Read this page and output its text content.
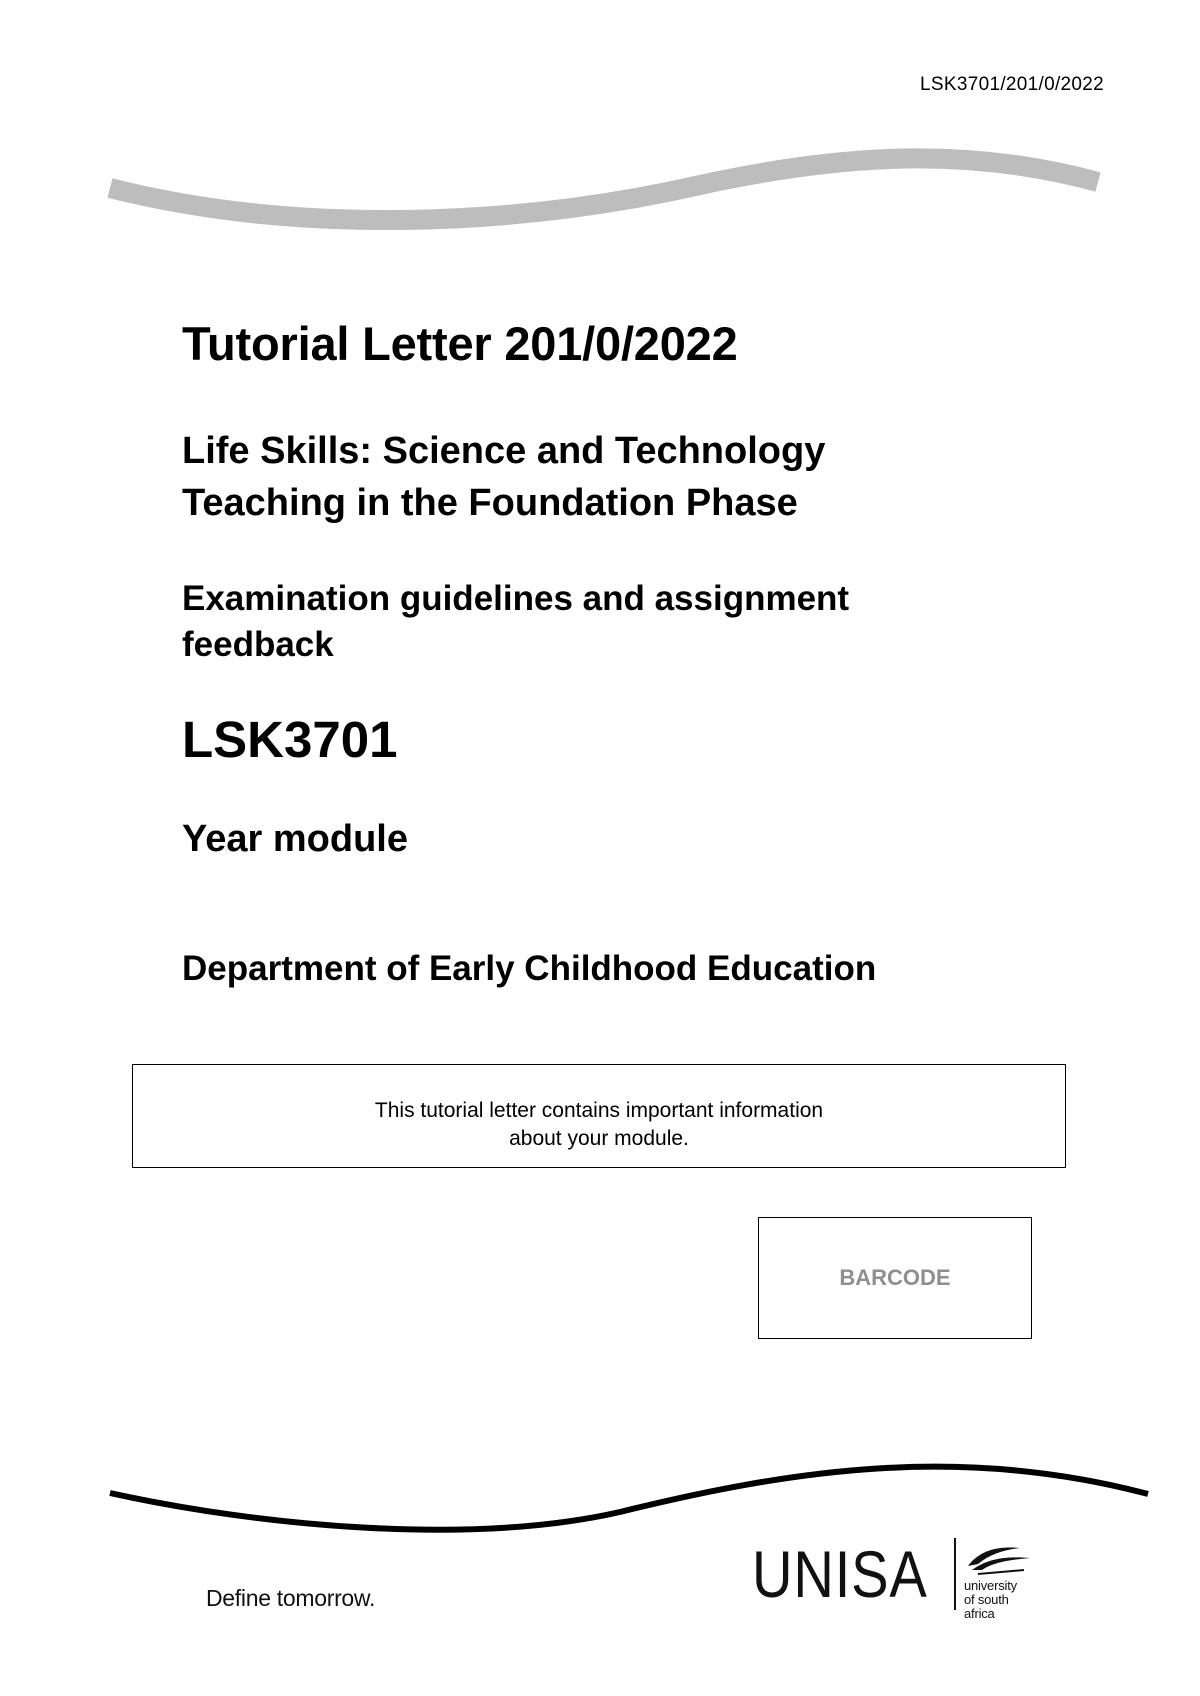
LSK3701/201/0/2022
Tutorial Letter 201/0/2022
Life Skills: Science and Technology
Teaching in the Foundation Phase
Examination guidelines and assignment
feedback
LSK3701
Year module
Department of Early Childhood Education
This tutorial letter contains important information
about your module.
BARCODE
Define tomorrow.	UNISA	university
of south africa
